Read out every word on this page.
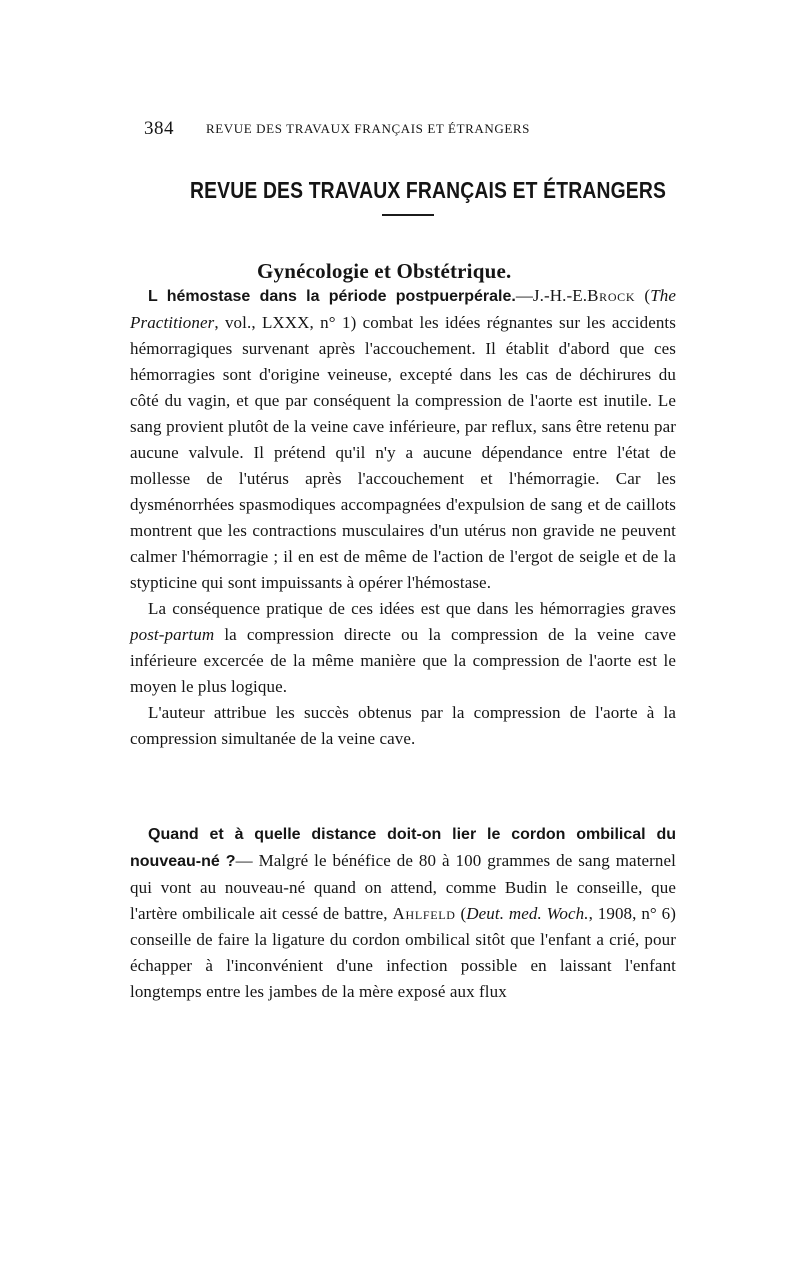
384 REVUE DES TRAVAUX FRANÇAIS ET ÉTRANGERS
REVUE DES TRAVAUX FRANÇAIS ET ÉTRANGERS
Gynécologie et Obstétrique.

L hémostase dans la période postpuerpérale.—J.-H.-E.Brock (The Practitioner, vol., LXXX, n° 1) combat les idées régnantes sur les accidents hémorragiques survenant après l'accouchement. Il établit d'abord que ces hémorragies sont d'origine veineuse, excepté dans les cas de déchirures du côté du vagin, et que par conséquent la compression de l'aorte est inutile. Le sang provient plutôt de la veine cave inférieure, par reflux, sans être retenu par aucune valvule. Il prétend qu'il n'y a aucune dépendance entre l'état de mollesse de l'utérus après l'accouchement et l'hémorragie. Car les dysménorrhées spasmodiques accompagnées d'expulsion de sang et de caillots montrent que les contractions musculaires d'un utérus non gravide ne peuvent calmer l'hémorragie ; il en est de même de l'action de l'ergot de seigle et de la stypticine qui sont impuissants à opérer l'hémostase.

La conséquence pratique de ces idées est que dans les hémorragies graves post-partum la compression directe ou la compression de la veine cave inférieure excercée de la même manière que la compression de l'aorte est le moyen le plus logique.

L'auteur attribue les succès obtenus par la compression de l'aorte à la compression simultanée de la veine cave.

Quand et à quelle distance doit-on lier le cordon ombilical du nouveau-né ?— Malgré le bénéfice de 80 à 100 grammes de sang maternel qui vont au nouveau-né quand on attend, comme Budin le conseille, que l'artère ombilicale ait cessé de battre, Ahlfeld (Deut. med. Woch., 1908, n° 6) conseille de faire la ligature du cordon ombilical sitôt que l'enfant a crié, pour échapper à l'inconvénient d'une infection possible en laissant l'enfant longtemps entre les jambes de la mère exposé aux flux
